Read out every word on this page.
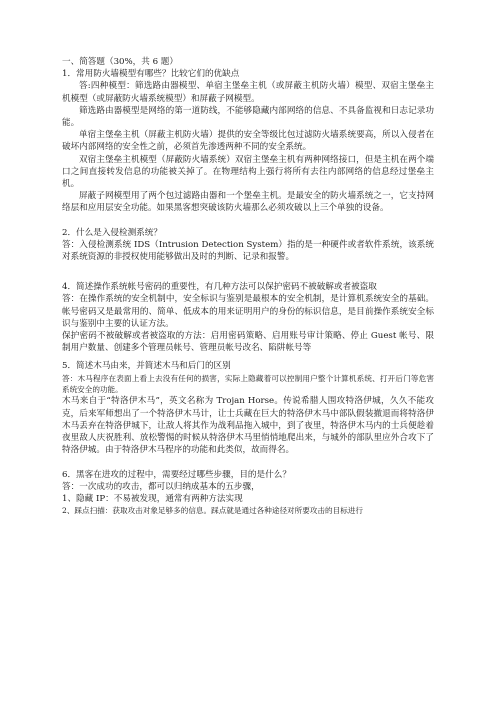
一、简答题（30%，共 6 题）

1．常用防火墙模型有哪些？比较它们的优缺点

答:四种模型：筛选路由器模型、单宿主堡垒主机（或屏蔽主机防火墙）模型、双宿主堡垒主机模型（或屏蔽防火墙系统模型）和屏蔽子网模型。

筛选路由器模型是网络的第一道防线，不能够隐藏内部网络的信息、不具备监视和日志记录功能。

单宿主堡垒主机（屏蔽主机防火墙）提供的安全等级比包过滤防火墙系统要高，所以入侵者在破坏内部网络的安全性之前，必须首先渗透两种不同的安全系统。

双宿主堡垒主机模型（屏蔽防火墙系统）双宿主堡垒主机有两种网络接口，但是主机在两个端口之间直接转发信息的功能被关掉了。在物理结构上强行将所有去往内部网络的信息经过堡垒主机。

屏蔽子网模型用了两个包过滤路由器和一个堡垒主机。是最安全的防火墙系统之一，它支持网络层和应用层安全功能。如果黑客想突破该防火墙那么必须攻破以上三个单独的设备。

2．什么是入侵检测系统？

答：入侵检测系统 IDS（Intrusion Detection System）指的是一种硬件或者软件系统，该系统对系统资源的非授权使用能够做出及时的判断、记录和报警。

4．简述操作系统帐号密码的重要性，有几种方法可以保护密码不被破解或者被盗取

答：在操作系统的安全机制中，安全标识与鉴别是最根本的安全机制，是计算机系统安全的基础。帐号密码又是最常用的、简单、低成本的用来证明用户的身份的标识信息，是目前操作系统安全标识与鉴别中主要的认证方法。

保护密码不被破解或者被盗取的方法：启用密码策略、启用账号审计策略、停止 Guest 帐号、限制用户数量、创建多个管理员帐号、管理员帐号改名、陷阱帐号等

5．简述木马由来，并简述木马和后门的区别

答：木马程序在表面上看上去没有任何的损害，实际上隐藏着可以控制用户整个计算机系统、打开后门等危害系统安全的功能。

木马来自于“特洛伊木马”，英文名称为 Trojan Horse。传说希腊人围攻特洛伊城，久久不能攻克，后来军师想出了一个特洛伊木马计，让士兵藏在巨大的特洛伊木马中部队假装撤退而将特洛伊木马丢弃在特洛伊城下，让敌人将其作为战利品拖入城中，到了夜里，特洛伊木马内的士兵便趁着夜里敌人庆祝胜利、放松警惕的时候从特洛伊木马里悄悄地爬出来，与城外的部队里应外合攻下了特洛伊城。由于特洛伊木马程序的功能和此类似，故而得名。

6．黑客在进攻的过程中，需要经过哪些步骤，目的是什么？

答：一次成功的攻击，都可以归纳成基本的五步骤，

1、隐藏 IP：不易被发现，通常有两种方法实现

2、踩点扫描：获取攻击对象足够多的信息。踩点就是通过各种途径对所要攻击的目标进行
